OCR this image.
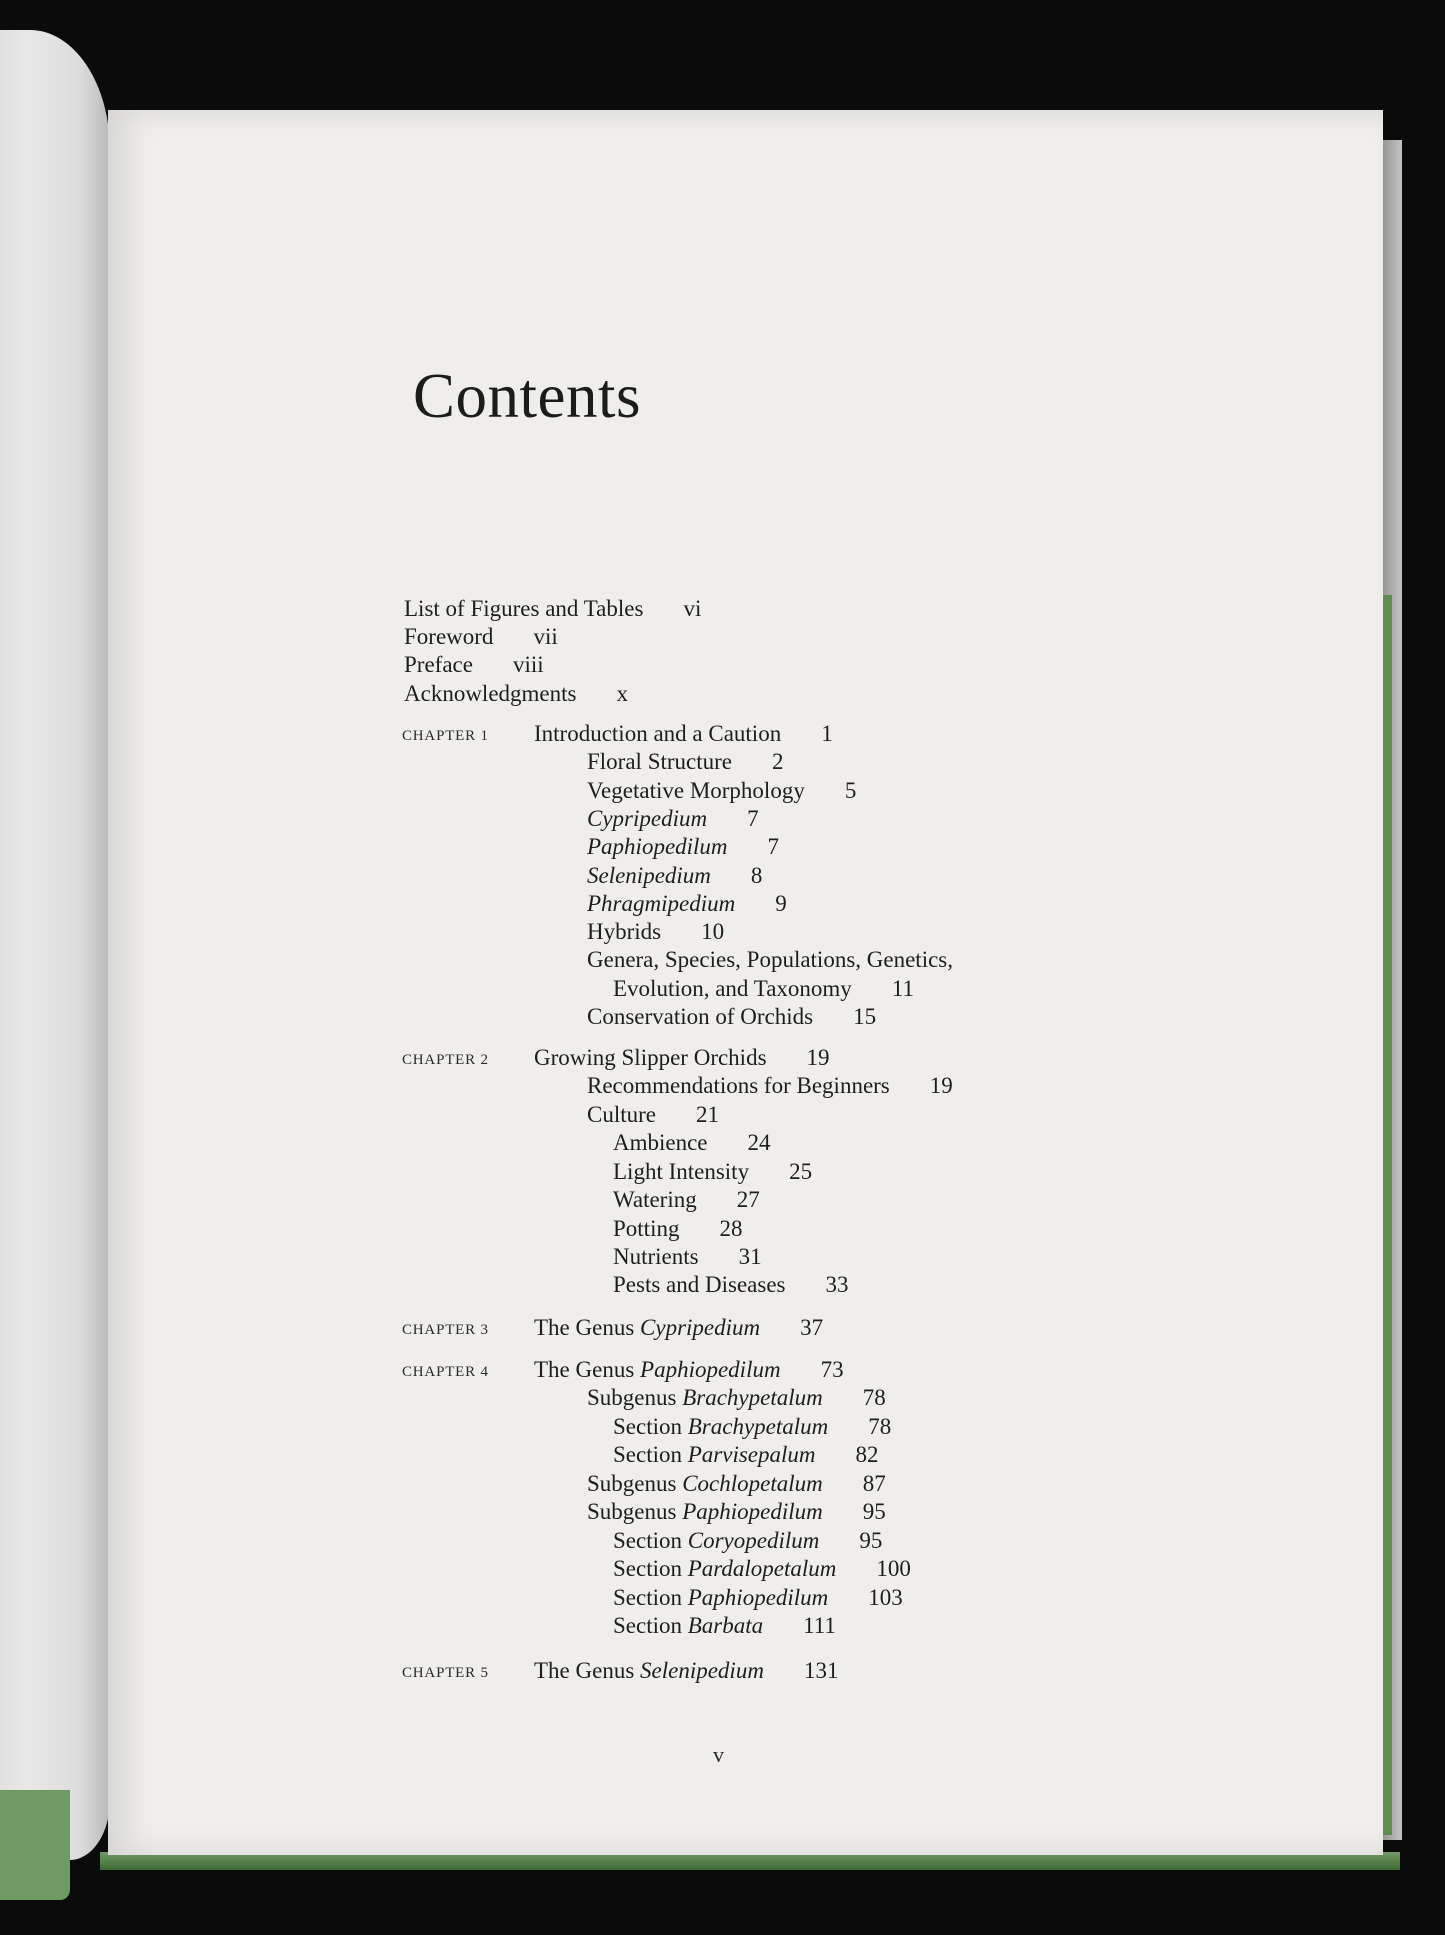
Contents
List of Figures and Tables vi
Foreword vii
Preface viii
Acknowledgments x
CHAPTER 1 Introduction and a Caution 1
Floral Structure 2
Vegetative Morphology 5
Cypripedium 7
Paphiopedilum 7
Selenipedium 8
Phragmipedium 9
Hybrids 10
Genera, Species, Populations, Genetics,
Evolution, and Taxonomy 11
Conservation of Orchids 15
CHAPTER 2 Growing Slipper Orchids 19
Recommendations for Beginners 19
Culture 21
Ambience 24
Light Intensity 25
Watering 27
Potting 28
Nutrients 31
Pests and Diseases 33
CHAPTER 3 The Genus Cypripedium 37
CHAPTER 4 The Genus Paphiopedilum 73
Subgenus Brachypetalum 78
Section Brachypetalum 78
Section Parvisepalum 82
Subgenus Cochlopetalum 87
Subgenus Paphiopedilum 95
Section Coryopedilum 95
Section Pardalopetalum 100
Section Paphiopedilum 103
Section Barbata 111
CHAPTER 5 The Genus Selenipedium 131
v
